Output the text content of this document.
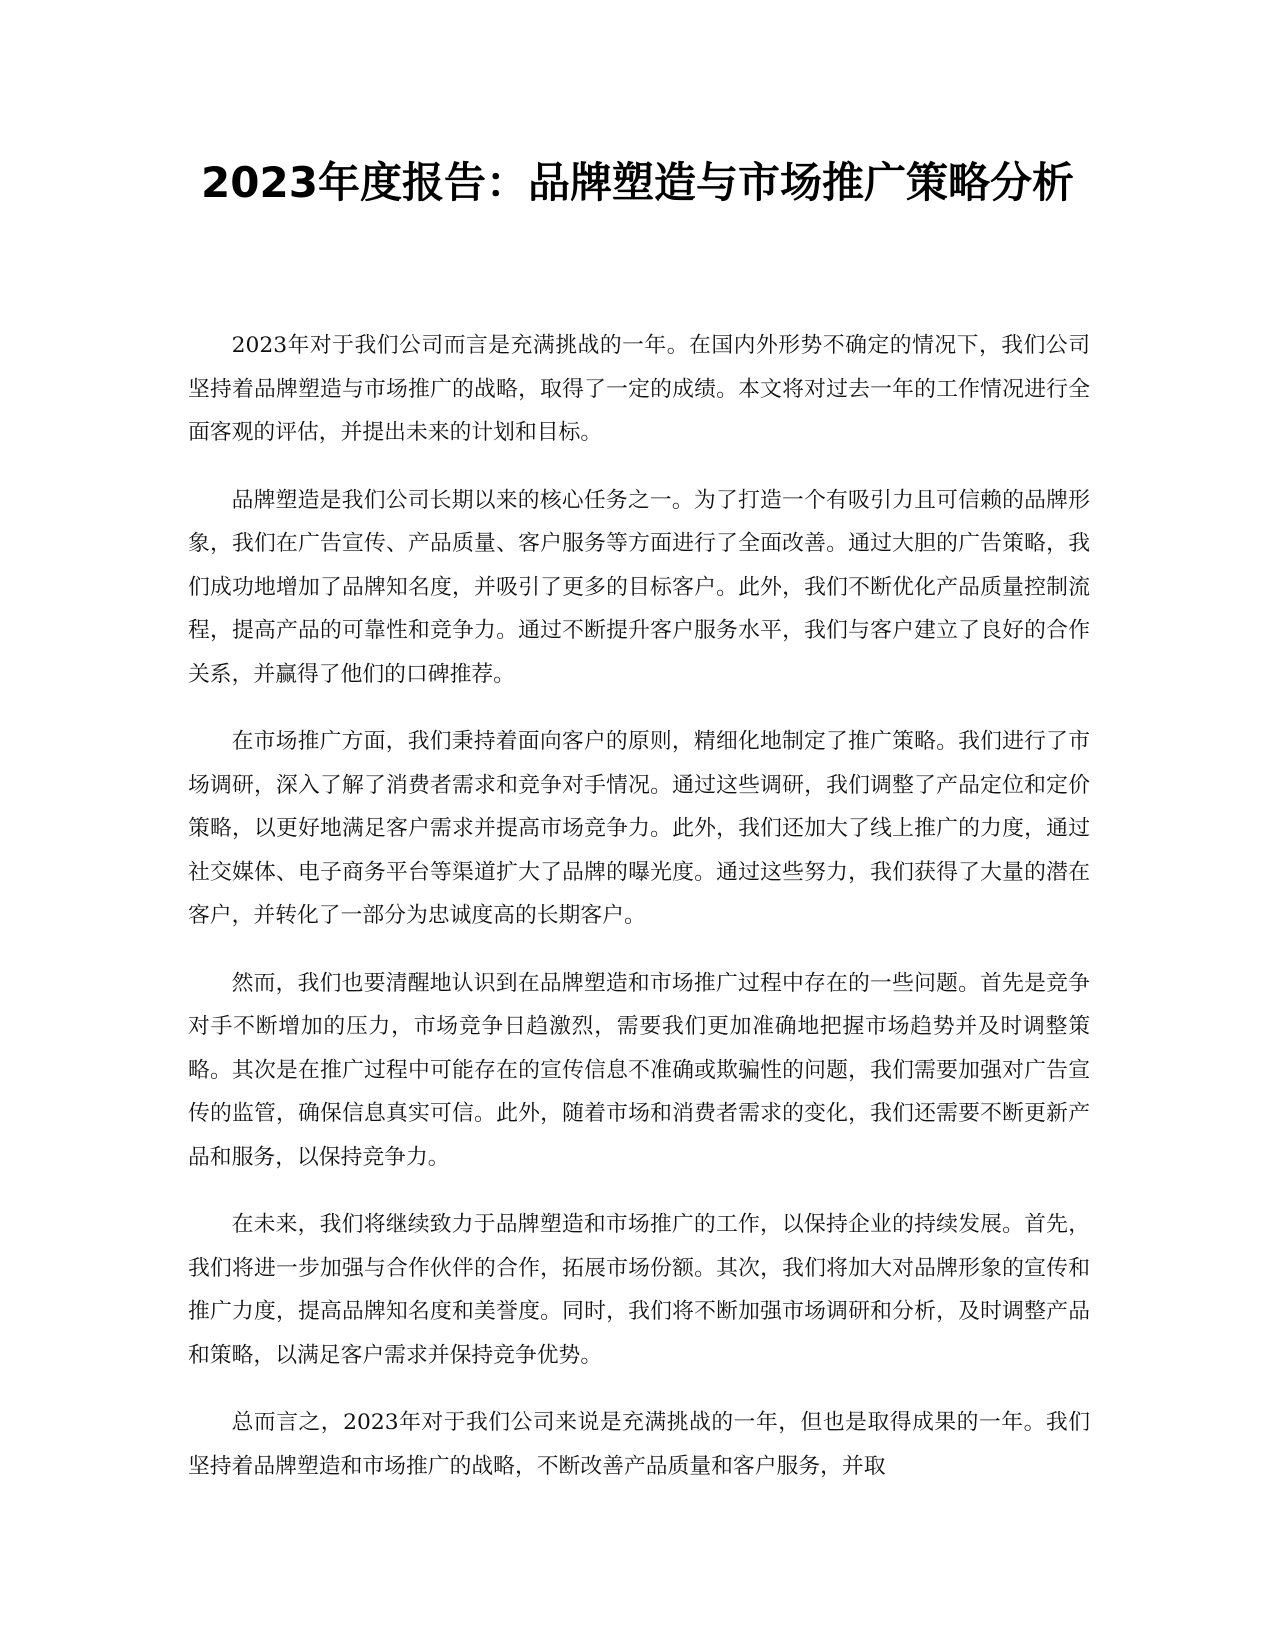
2023年度报告：品牌塑造与市场推广策略分析

2023年对于我们公司而言是充满挑战的一年。在国内外形势不确定的情况下，我们公司坚持着品牌塑造与市场推广的战略，取得了一定的成绩。本文将对过去一年的工作情况进行全面客观的评估，并提出未来的计划和目标。

品牌塑造是我们公司长期以来的核心任务之一。为了打造一个有吸引力且可信赖的品牌形象，我们在广告宣传、产品质量、客户服务等方面进行了全面改善。通过大胆的广告策略，我们成功地增加了品牌知名度，并吸引了更多的目标客户。此外，我们不断优化产品质量控制流程，提高产品的可靠性和竞争力。通过不断提升客户服务水平，我们与客户建立了良好的合作关系，并赢得了他们的口碑推荐。

在市场推广方面，我们秉持着面向客户的原则，精细化地制定了推广策略。我们进行了市场调研，深入了解了消费者需求和竞争对手情况。通过这些调研，我们调整了产品定位和定价策略，以更好地满足客户需求并提高市场竞争力。此外，我们还加大了线上推广的力度，通过社交媒体、电子商务平台等渠道扩大了品牌的曝光度。通过这些努力，我们获得了大量的潜在客户，并转化了一部分为忠诚度高的长期客户。

然而，我们也要清醒地认识到在品牌塑造和市场推广过程中存在的一些问题。首先是竞争对手不断增加的压力，市场竞争日趋激烈，需要我们更加准确地把握市场趋势并及时调整策略。其次是在推广过程中可能存在的宣传信息不准确或欺骗性的问题，我们需要加强对广告宣传的监管，确保信息真实可信。此外，随着市场和消费者需求的变化，我们还需要不断更新产品和服务，以保持竞争力。

在未来，我们将继续致力于品牌塑造和市场推广的工作，以保持企业的持续发展。首先，我们将进一步加强与合作伙伴的合作，拓展市场份额。其次，我们将加大对品牌形象的宣传和推广力度，提高品牌知名度和美誉度。同时，我们将不断加强市场调研和分析，及时调整产品和策略，以满足客户需求并保持竞争优势。

总而言之，2023年对于我们公司来说是充满挑战的一年，但也是取得成果的一年。我们坚持着品牌塑造和市场推广的战略，不断改善产品质量和客户服务，并取
